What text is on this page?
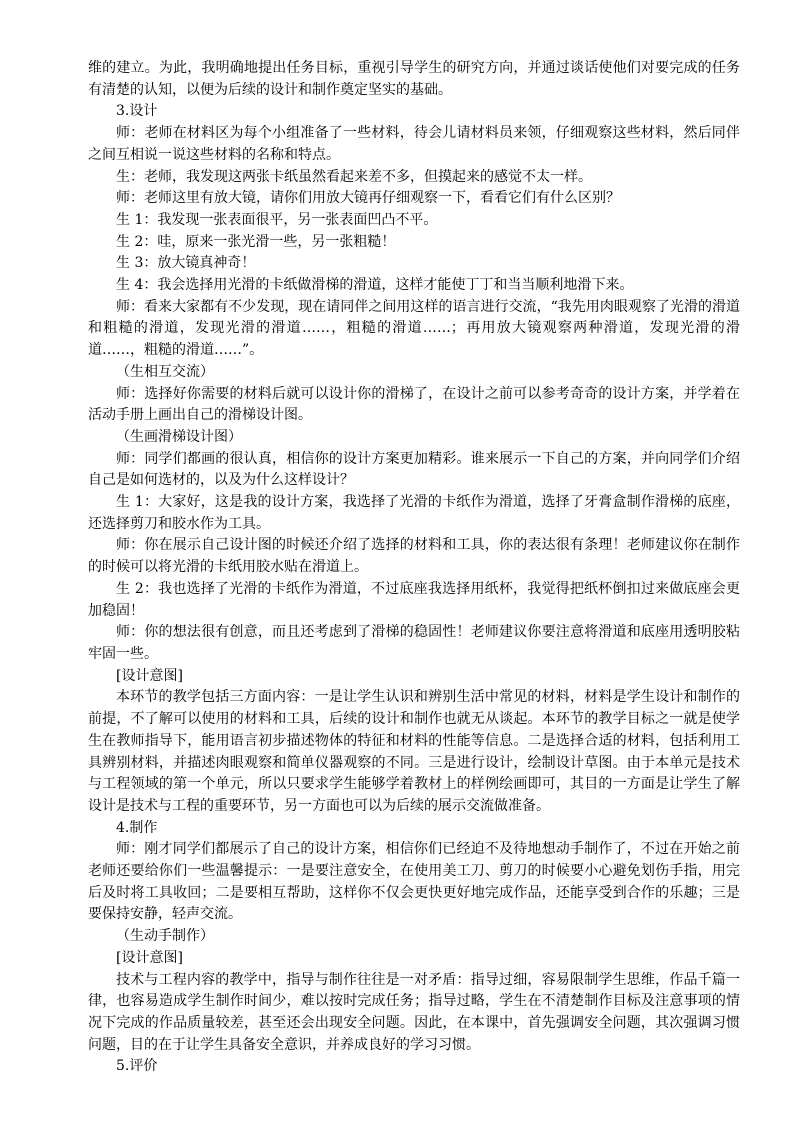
维的建立。为此，我明确地提出任务目标，重视引导学生的研究方向，并通过谈话使他们对要完成的任务有清楚的认知，以便为后续的设计和制作奠定坚实的基础。

3.设计

师：老师在材料区为每个小组准备了一些材料，待会儿请材料员来领，仔细观察这些材料，然后同伴之间互相说一说这些材料的名称和特点。

生：老师，我发现这两张卡纸虽然看起来差不多，但摸起来的感觉不太一样。

师：老师这里有放大镜，请你们用放大镜再仔细观察一下，看看它们有什么区别？

生 1：我发现一张表面很平，另一张表面凹凸不平。

生 2：哇，原来一张光滑一些，另一张粗糙！

生 3：放大镜真神奇！

生 4：我会选择用光滑的卡纸做滑梯的滑道，这样才能使丁丁和当当顺利地滑下来。

师：看来大家都有不少发现，现在请同伴之间用这样的语言进行交流，“我先用肉眼观察了光滑的滑道和粗糙的滑道，发现光滑的滑道……，粗糙的滑道……；再用放大镜观察两种滑道，发现光滑的滑道……，粗糙的滑道……”。

（生相互交流）

师：选择好你需要的材料后就可以设计你的滑梯了，在设计之前可以参考奇奇的设计方案，并学着在活动手册上画出自己的滑梯设计图。

（生画滑梯设计图）

师：同学们都画的很认真，相信你的设计方案更加精彩。谁来展示一下自己的方案，并向同学们介绍自己是如何选材的，以及为什么这样设计？

生 1：大家好，这是我的设计方案，我选择了光滑的卡纸作为滑道，选择了牙膏盒制作滑梯的底座，还选择剪刀和胶水作为工具。

师：你在展示自己设计图的时候还介绍了选择的材料和工具，你的表达很有条理！老师建议你在制作的时候可以将光滑的卡纸用胶水贴在滑道上。

生 2：我也选择了光滑的卡纸作为滑道，不过底座我选择用纸杯，我觉得把纸杯倒扣过来做底座会更加稳固！

师：你的想法很有创意，而且还考虑到了滑梯的稳固性！老师建议你要注意将滑道和底座用透明胶粘牢固一些。

[设计意图]

本环节的教学包括三方面内容：一是让学生认识和辨别生活中常见的材料，材料是学生设计和制作的前提，不了解可以使用的材料和工具，后续的设计和制作也就无从谈起。本环节的教学目标之一就是使学生在教师指导下，能用语言初步描述物体的特征和材料的性能等信息。二是选择合适的材料，包括利用工具辨别材料，并描述肉眼观察和简单仪器观察的不同。三是进行设计，绘制设计草图。由于本单元是技术与工程领域的第一个单元，所以只要求学生能够学着教材上的样例绘画即可，其目的一方面是让学生了解设计是技术与工程的重要环节，另一方面也可以为后续的展示交流做准备。

4.制作

师：刚才同学们都展示了自己的设计方案，相信你们已经迫不及待地想动手制作了，不过在开始之前老师还要给你们一些温馨提示：一是要注意安全，在使用美工刀、剪刀的时候要小心避免划伤手指，用完后及时将工具收回；二是要相互帮助，这样你不仅会更快更好地完成作品，还能享受到合作的乐趣；三是要保持安静，轻声交流。

（生动手制作）

[设计意图]

技术与工程内容的教学中，指导与制作往往是一对矛盾：指导过细，容易限制学生思维，作品千篇一律，也容易造成学生制作时间少，难以按时完成任务；指导过略，学生在不清楚制作目标及注意事项的情况下完成的作品质量较差，甚至还会出现安全问题。因此，在本课中，首先强调安全问题，其次强调习惯问题，目的在于让学生具备安全意识，并养成良好的学习习惯。

5.评价
